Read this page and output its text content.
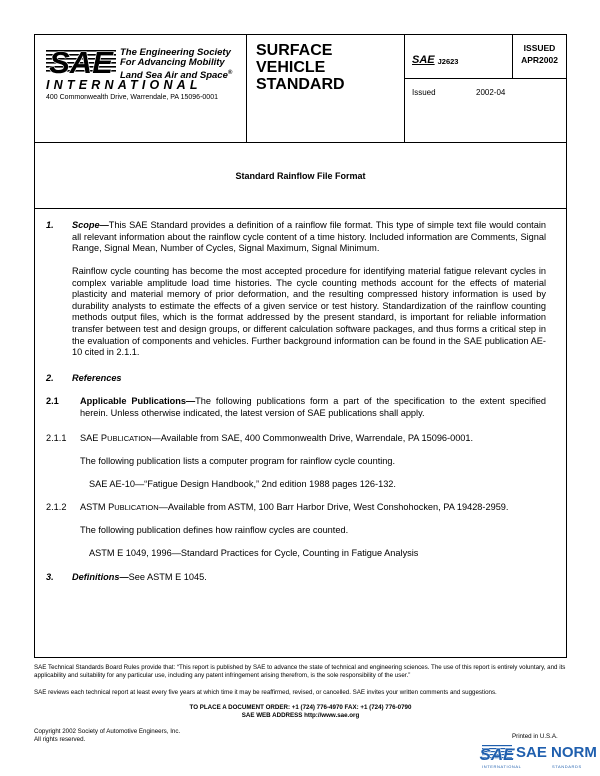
SAE The Engineering Society
For Advancing Mobility
Land Sea Air and Space®
INTERNATIONAL
400 Commonwealth Drive, Warrendale, PA 15096-0001
SURFACE
VEHICLE
STANDARD
SAE J2623
Issued	2002-04
ISSUED
APR2002
Standard Rainflow File Format
1. Scope—This SAE Standard provides a definition of a rainflow file format. This type of simple text file would contain all relevant information about the rainflow cycle content of a time history. Included information are Comments, Signal Range, Signal Mean, Number of Cycles, Signal Maximum, Signal Minimum.
Rainflow cycle counting has become the most accepted procedure for identifying material fatigue relevant cycles in complex variable amplitude load time histories. The cycle counting methods account for the effects of material plasticity and material memory of prior deformation, and the resulting compressed history information is used by durability analysts to estimate the effects of a given service or test history. Standardization of the rainflow counting methods output files, which is the format addressed by the present standard, is important for reliable information transfer between test and design groups, or different calculation software packages, and thus forms a critical step in the evaluation of components and vehicles. Further background information can be found in the SAE publication AE-10 cited in 2.1.1.
2. References
2.1 Applicable Publications—The following publications form a part of the specification to the extent specified herein. Unless otherwise indicated, the latest version of SAE publications shall apply.
2.1.1 SAE PUBLICATION—Available from SAE, 400 Commonwealth Drive, Warrendale, PA 15096-0001.
The following publication lists a computer program for rainflow cycle counting.
SAE AE-10—“Fatigue Design Handbook,” 2nd edition 1988 pages 126-132.
2.1.2 ASTM PUBLICATION—Available from ASTM, 100 Barr Harbor Drive, West Conshohocken, PA 19428-2959.
The following publication defines how rainflow cycles are counted.
ASTM E 1049, 1996—Standard Practices for Cycle, Counting in Fatigue Analysis
3. Definitions—See ASTM E 1045.
SAE Technical Standards Board Rules provide that: “This report is published by SAE to advance the state of technical and engineering sciences. The use of this report is entirely voluntary, and its applicability and suitability for any particular use, including any patent infringement arising therefrom, is the sole responsibility of the user.”
SAE reviews each technical report at least every five years at which time it may be reaffirmed, revised, or cancelled. SAE invites your written comments and suggestions.
TO PLACE A DOCUMENT ORDER: +1 (724) 776-4970 FAX: +1 (724) 776-0790
SAE WEB ADDRESS http://www.sae.org
Copyright 2002 Society of Automotive Engineers, Inc.
All rights reserved.	Printed in U.S.A.
SAE SAE NORM
INTERNATIONAL	STANDARDS
